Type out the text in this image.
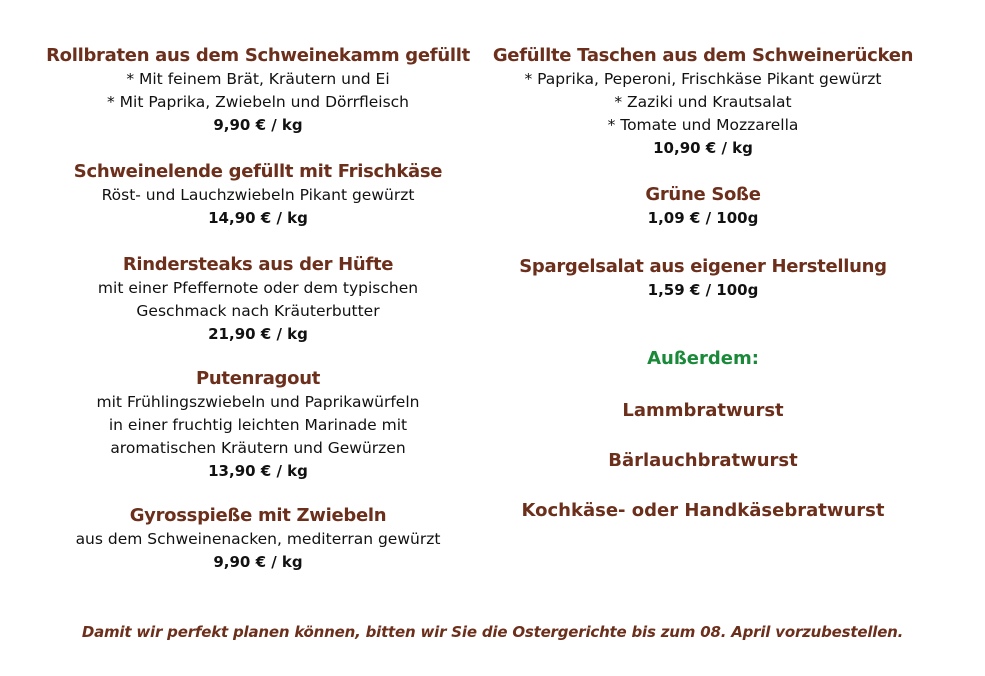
Rollbraten aus dem Schweinekamm gefüllt
* Mit feinem Brät, Kräutern und Ei
* Mit Paprika, Zwiebeln und Dörrfleisch
9,90 € / kg
Schweinelende gefüllt mit Frischkäse
Röst- und Lauchzwiebeln Pikant gewürzt
14,90 € / kg
Rindersteaks aus der Hüfte
mit einer Pfeffernote oder dem typischen
Geschmack nach Kräuterbutter
21,90 € / kg
Putenragout
mit Frühlingszwiebeln und Paprikawürfeln
in einer fruchtig leichten Marinade mit
aromatischen Kräutern und Gewürzen
13,90 € / kg
Gyrosspieße mit Zwiebeln
aus dem Schweinenacken, mediterran gewürzt
9,90 € / kg
Gefüllte Taschen aus dem Schweinerücken
* Paprika, Peperoni, Frischkäse Pikant gewürzt
* Zaziki und Krautsalat
* Tomate und Mozzarella
10,90 € / kg
Grüne Soße
1,09 € / 100g
Spargelsalat aus eigener Herstellung
1,59 € / 100g
Außerdem:
Lammbratwurst
Bärlauchbratwurst
Kochkäse- oder Handkäsebratwurst
Damit wir perfekt planen können, bitten wir Sie die Ostergerichte bis zum 08. April vorzubestellen.
